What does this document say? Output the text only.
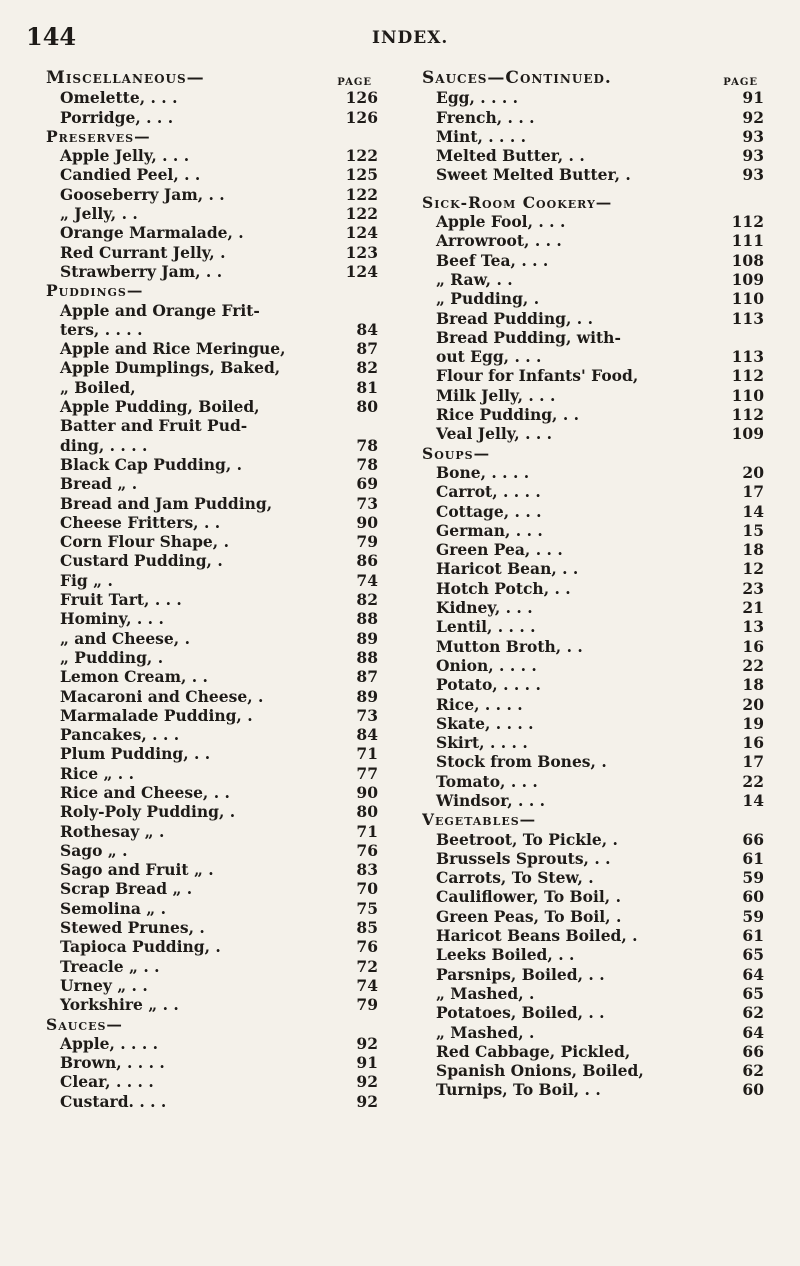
144	INDEX.
Miscellaneous—	PAGE
Omelette, . . .	126
Porridge, . . .	126
Preserves—
Apple Jelly, . . .	122
Candied Peel, . .	125
Gooseberry Jam, . .	122
„ Jelly, . .	122
Orange Marmalade, .	124
Red Currant Jelly, .	123
Strawberry Jam, . .	124
Puddings—
Apple and Orange Frit-
ters, . . . .	84
Apple and Rice Meringue,	87
Apple Dumplings, Baked,	82
„ Boiled,	81
Apple Pudding, Boiled,	80
Batter and Fruit Pud-
ding, . . . .	78
Black Cap Pudding, .	78
Bread „ .	69
Bread and Jam Pudding,	73
Cheese Fritters, . .	90
Corn Flour Shape, .	79
Custard Pudding, .	86
Fig „ .	74
Fruit Tart, . . .	82
Hominy, . . .	88
„ and Cheese, .	89
„ Pudding, .	88
Lemon Cream, . .	87
Macaroni and Cheese, .	89
Marmalade Pudding, .	73
Pancakes, . . .	84
Plum Pudding, . .	71
Rice „ . .	77
Rice and Cheese, . .	90
Roly-Poly Pudding, .	80
Rothesay „ .	71
Sago „ .	76
Sago and Fruit „ .	83
Scrap Bread „ .	70
Semolina „ .	75
Stewed Prunes, .	85
Tapioca Pudding, .	76
Treacle „ . .	72
Urney „ . .	74
Yorkshire „ . .	79
Sauces—
Apple, . . . .	92
Brown, . . . .	91
Clear, . . . .	92
Custard. . . .	92
Sauces—Continued.	PAGE
Egg, . . . .	91
French, . . .	92
Mint, . . . .	93
Melted Butter, . .	93
Sweet Melted Butter, .	93
Sick-Room Cookery—
Apple Fool, . . .	112
Arrowroot, . . .	111
Beef Tea, . . .	108
„ Raw, . .	109
„ Pudding, .	110
Bread Pudding, . .	113
Bread Pudding, with-
out Egg, . . .	113
Flour for Infants' Food,	112
Milk Jelly, . . .	110
Rice Pudding, . .	112
Veal Jelly, . . .	109
Soups—
Bone, . . . .	20
Carrot, . . . .	17
Cottage, . . .	14
German, . . .	15
Green Pea, . . .	18
Haricot Bean, . .	12
Hotch Potch, . .	23
Kidney, . . .	21
Lentil, . . . .	13
Mutton Broth, . .	16
Onion, . . . .	22
Potato, . . . .	18
Rice, . . . .	20
Skate, . . . .	19
Skirt, . . . .	16
Stock from Bones, .	17
Tomato, . . .	22
Windsor, . . .	14
Vegetables—
Beetroot, To Pickle, .	66
Brussels Sprouts, . .	61
Carrots, To Stew, .	59
Cauliflower, To Boil, .	60
Green Peas, To Boil, .	59
Haricot Beans Boiled, .	61
Leeks Boiled, . .	65
Parsnips, Boiled, . .	64
„ Mashed, .	65
Potatoes, Boiled, . .	62
„ Mashed, .	64
Red Cabbage, Pickled,	66
Spanish Onions, Boiled,	62
Turnips, To Boil, . .	60
